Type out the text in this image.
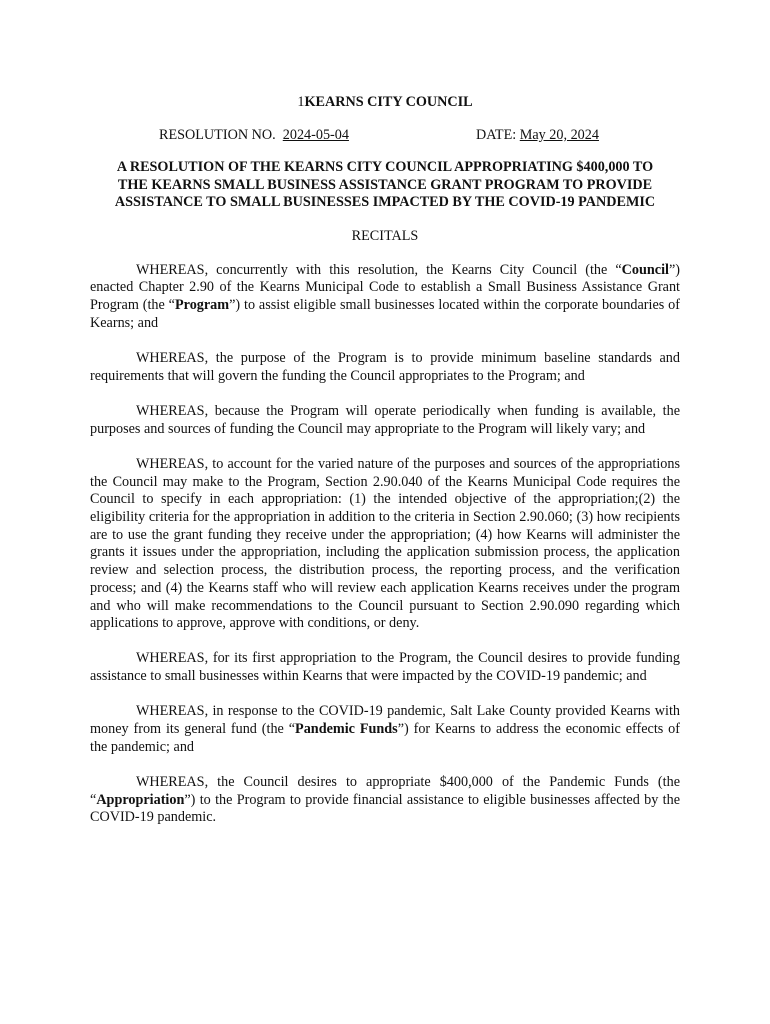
1KEARNS CITY COUNCIL
RESOLUTION NO. 2024-05-04	DATE: May 20, 2024
A RESOLUTION OF THE KEARNS CITY COUNCIL APPROPRIATING $400,000 TO
THE KEARNS SMALL BUSINESS ASSISTANCE GRANT PROGRAM TO PROVIDE
ASSISTANCE TO SMALL BUSINESSES IMPACTED BY THE COVID-19 PANDEMIC
RECITALS

WHEREAS, concurrently with this resolution, the Kearns City Council (the “Council”) enacted Chapter 2.90 of the Kearns Municipal Code to establish a Small Business Assistance Grant Program (the “Program”) to assist eligible small businesses located within the corporate boundaries of Kearns; and

WHEREAS, the purpose of the Program is to provide minimum baseline standards and requirements that will govern the funding the Council appropriates to the Program; and

WHEREAS, because the Program will operate periodically when funding is available, the purposes and sources of funding the Council may appropriate to the Program will likely vary; and

WHEREAS, to account for the varied nature of the purposes and sources of the appropriations the Council may make to the Program, Section 2.90.040 of the Kearns Municipal Code requires the Council to specify in each appropriation: (1) the intended objective of the appropriation;(2) the eligibility criteria for the appropriation in addition to the criteria in Section 2.90.060; (3) how recipients are to use the grant funding they receive under the appropriation; (4) how Kearns will administer the grants it issues under the appropriation, including the application submission process, the application review and selection process, the distribution process, the reporting process, and the verification process; and (4) the Kearns staff who will review each application Kearns receives under the program and who will make recommendations to the Council pursuant to Section 2.90.090 regarding which applications to approve, approve with conditions, or deny.

WHEREAS, for its first appropriation to the Program, the Council desires to provide funding assistance to small businesses within Kearns that were impacted by the COVID-19 pandemic; and

WHEREAS, in response to the COVID-19 pandemic, Salt Lake County provided Kearns with money from its general fund (the “Pandemic Funds”) for Kearns to address the economic effects of the pandemic; and

WHEREAS, the Council desires to appropriate $400,000 of the Pandemic Funds (the “Appropriation”) to the Program to provide financial assistance to eligible businesses affected by the COVID-19 pandemic.
